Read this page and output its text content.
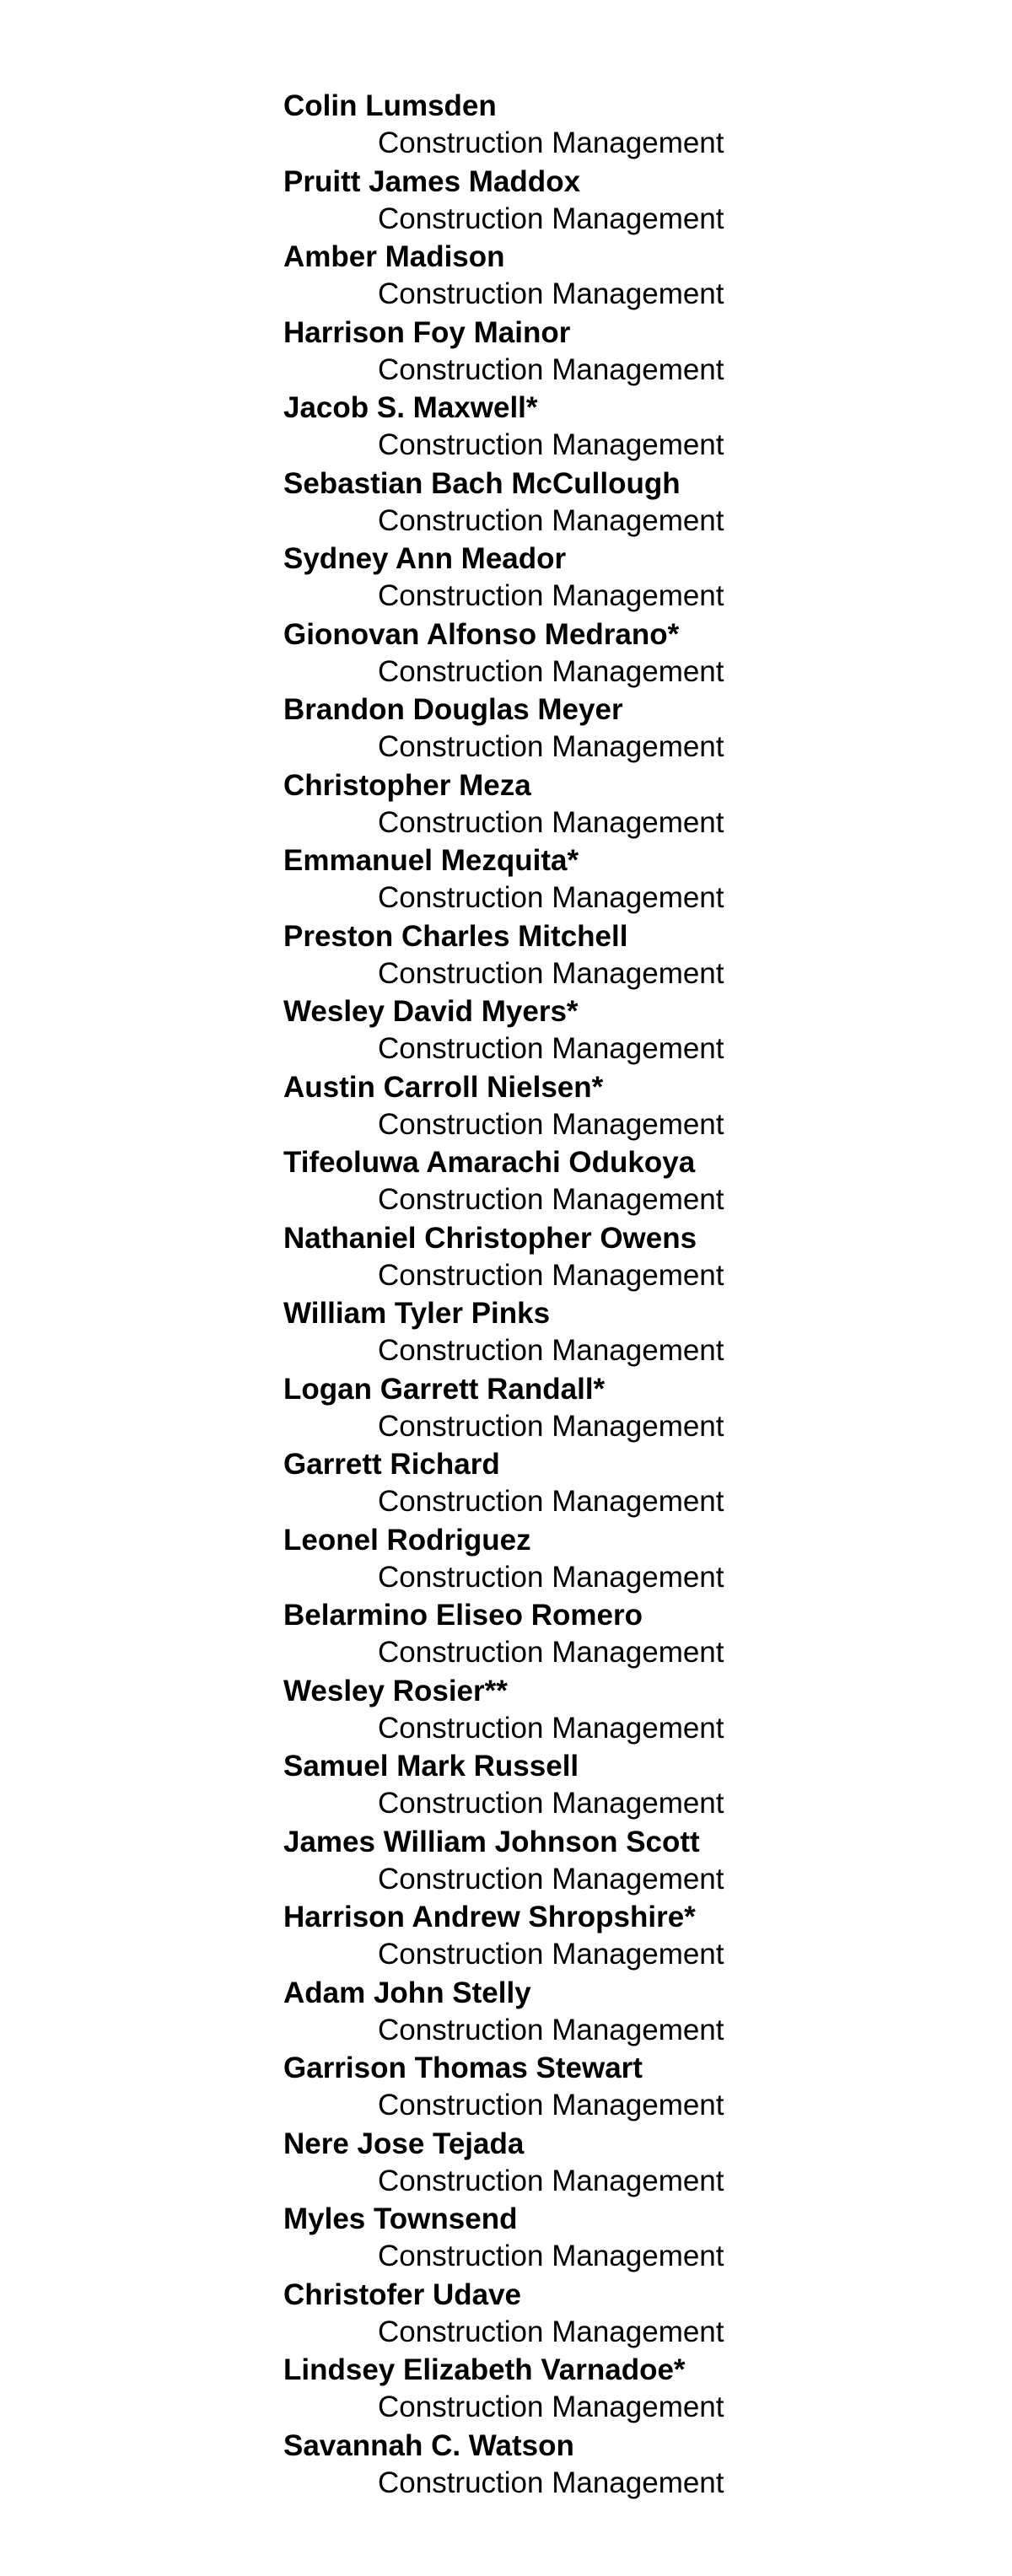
Colin Lumsden
Construction Management
Pruitt James Maddox
Construction Management
Amber Madison
Construction Management
Harrison Foy Mainor
Construction Management
Jacob S. Maxwell*
Construction Management
Sebastian Bach McCullough
Construction Management
Sydney Ann Meador
Construction Management
Gionovan Alfonso Medrano*
Construction Management
Brandon Douglas Meyer
Construction Management
Christopher Meza
Construction Management
Emmanuel Mezquita*
Construction Management
Preston Charles Mitchell
Construction Management
Wesley David Myers*
Construction Management
Austin Carroll Nielsen*
Construction Management
Tifeoluwa Amarachi Odukoya
Construction Management
Nathaniel Christopher Owens
Construction Management
William Tyler Pinks
Construction Management
Logan Garrett Randall*
Construction Management
Garrett Richard
Construction Management
Leonel Rodriguez
Construction Management
Belarmino Eliseo Romero
Construction Management
Wesley Rosier**
Construction Management
Samuel Mark Russell
Construction Management
James William Johnson Scott
Construction Management
Harrison Andrew Shropshire*
Construction Management
Adam John Stelly
Construction Management
Garrison Thomas Stewart
Construction Management
Nere Jose Tejada
Construction Management
Myles Townsend
Construction Management
Christofer Udave
Construction Management
Lindsey Elizabeth Varnadoe*
Construction Management
Savannah C. Watson
Construction Management
